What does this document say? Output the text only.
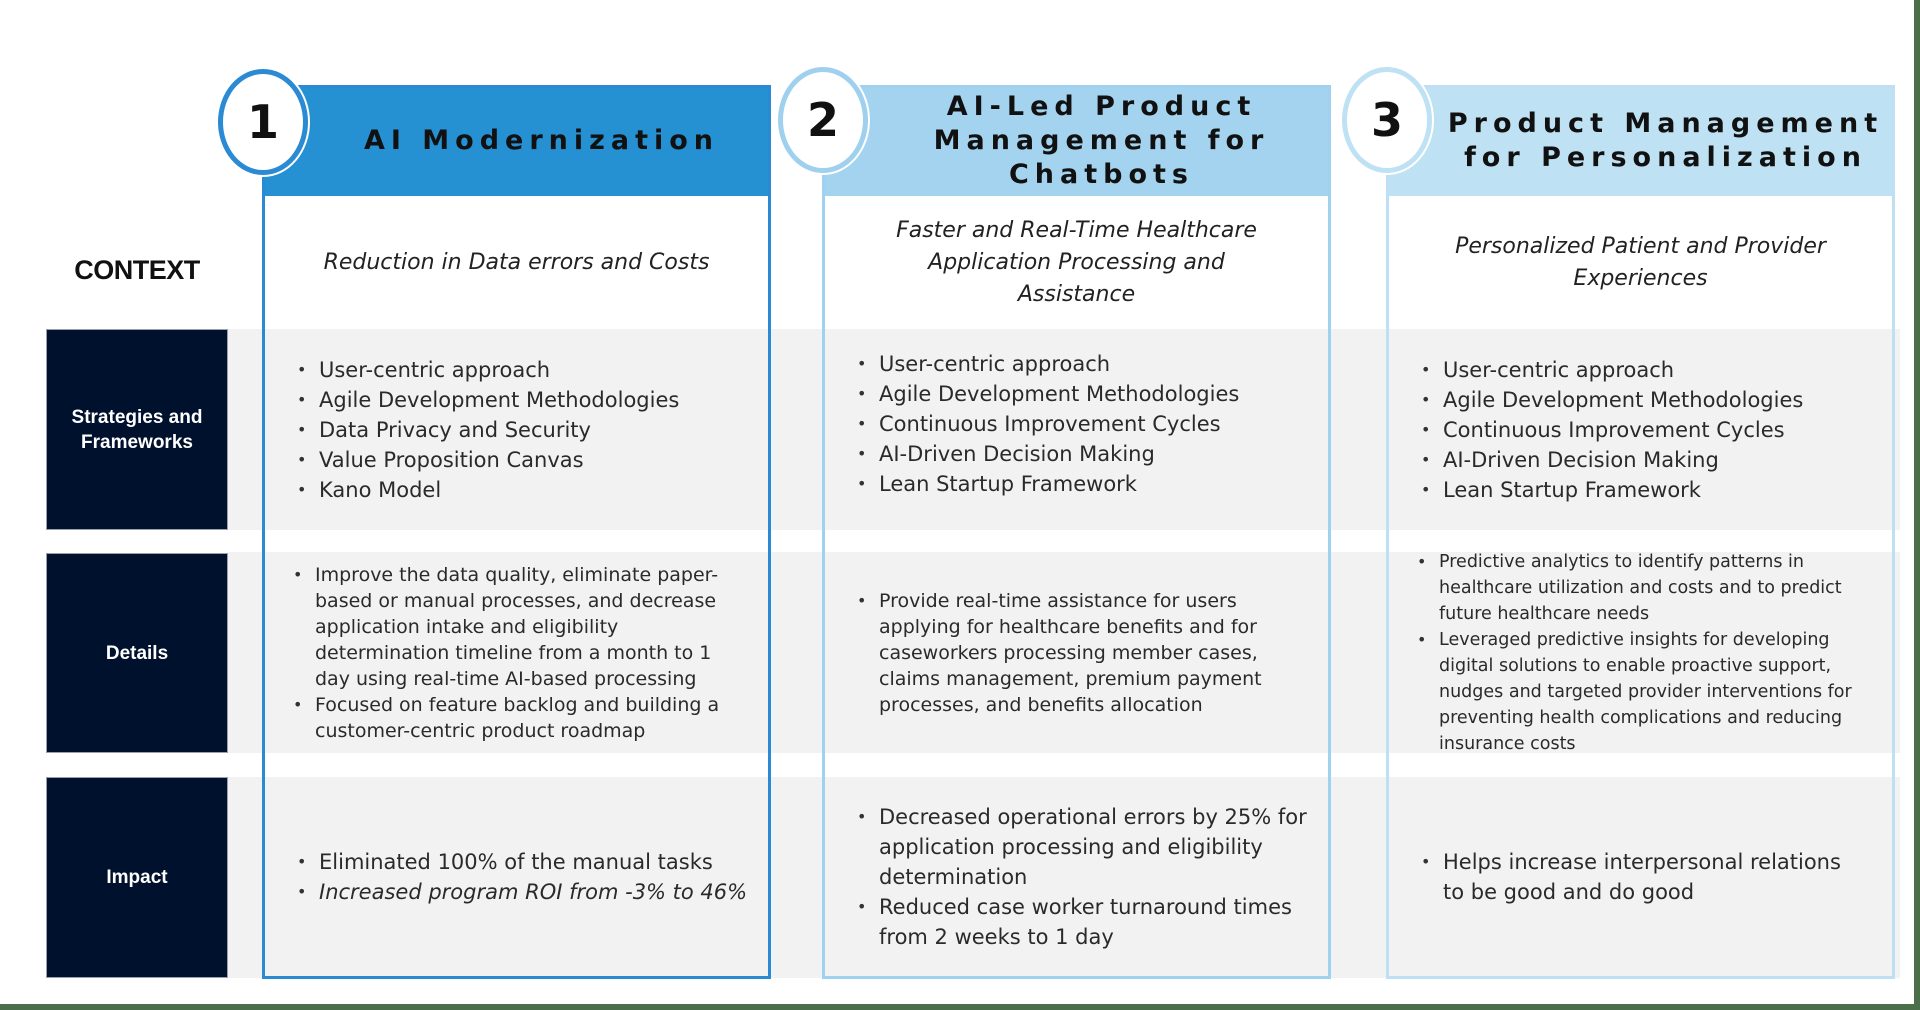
CONTEXT
Strategies and Frameworks
Details
Impact
AI Modernization
Reduction in Data errors and Costs
• User-centric approach
• Agile Development Methodologies
• Data Privacy and Security
• Value Proposition Canvas
• Kano Model
• Improve the data quality, eliminate paper-based or manual processes, and decrease application intake and eligibility determination timeline from a month to 1 day using real-time AI-based processing
• Focused on feature backlog and building a customer-centric product roadmap
• Eliminated 100% of the manual tasks
• Increased program ROI from -3% to 46%
1	AI-Led Product Management for Chatbots
Faster and Real-Time Healthcare Application Processing and Assistance
• User-centric approach
• Agile Development Methodologies
• Continuous Improvement Cycles
• AI-Driven Decision Making
• Lean Startup Framework
• Provide real-time assistance for users applying for healthcare benefits and for caseworkers processing member cases, claims management, premium payment processes, and benefits allocation
• Decreased operational errors by 25% for application processing and eligibility determination
• Reduced case worker turnaround times from 2 weeks to 1 day
2	Product Management for Personalization
Personalized Patient and Provider Experiences
• User-centric approach
• Agile Development Methodologies
• Continuous Improvement Cycles
• AI-Driven Decision Making
• Lean Startup Framework
• Predictive analytics to identify patterns in healthcare utilization and costs and to predict future healthcare needs
• Leveraged predictive insights for developing digital solutions to enable proactive support, nudges and targeted provider interventions for preventing health complications and reducing insurance costs
• Helps increase interpersonal relations to be good and do good
3
